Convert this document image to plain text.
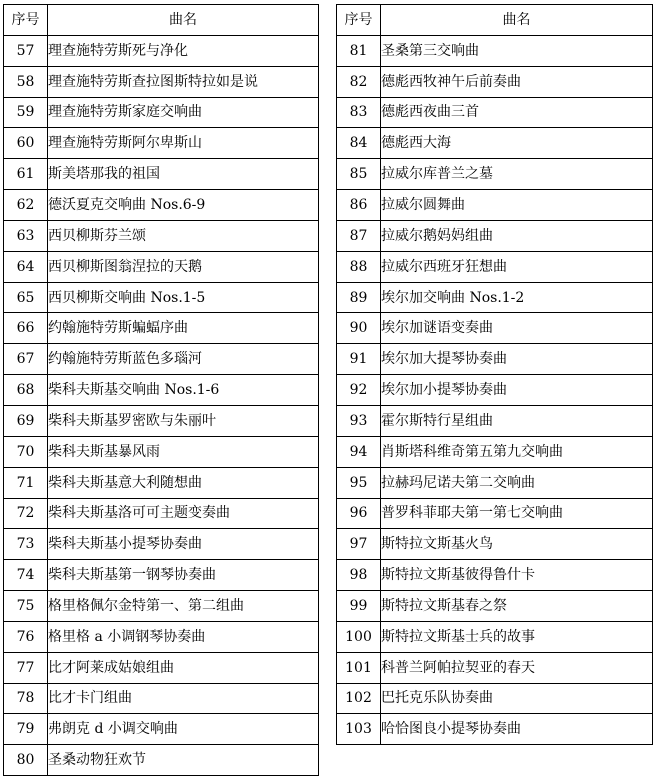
序号	曲名
57	理查施特劳斯死与净化
58	理查施特劳斯查拉图斯特拉如是说
59	理查施特劳斯家庭交响曲
60	理查施特劳斯阿尔卑斯山
61	斯美塔那我的祖国
62	德沃夏克交响曲 Nos.6-9
63	西贝柳斯芬兰颂
64	西贝柳斯图翁涅拉的天鹅
65	西贝柳斯交响曲 Nos.1-5
66	约翰施特劳斯蝙蝠序曲
67	约翰施特劳斯蓝色多瑙河
68	柴科夫斯基交响曲 Nos.1-6
69	柴科夫斯基罗密欧与朱丽叶
70	柴科夫斯基暴风雨
71	柴科夫斯基意大利随想曲
72	柴科夫斯基洛可可主题变奏曲
73	柴科夫斯基小提琴协奏曲
74	柴科夫斯基第一钢琴协奏曲
75	格里格佩尔金特第一、第二组曲
76	格里格 a 小调钢琴协奏曲
77	比才阿莱成姑娘组曲
78	比才卡门组曲
79	弗朗克 d 小调交响曲
80	圣桑动物狂欢节
序号	曲名
81	圣桑第三交响曲
82	德彪西牧神午后前奏曲
83	德彪西夜曲三首
84	德彪西大海
85	拉威尔库普兰之墓
86	拉威尔圆舞曲
87	拉威尔鹅妈妈组曲
88	拉威尔西班牙狂想曲
89	埃尔加交响曲 Nos.1-2
90	埃尔加谜语变奏曲
91	埃尔加大提琴协奏曲
92	埃尔加小提琴协奏曲
93	霍尔斯特行星组曲
94	肖斯塔科维奇第五第九交响曲
95	拉赫玛尼诺夫第二交响曲
96	普罗科菲耶夫第一第七交响曲
97	斯特拉文斯基火鸟
98	斯特拉文斯基彼得鲁什卡
99	斯特拉文斯基春之祭
100	斯特拉文斯基士兵的故事
101	科普兰阿帕拉契亚的春天
102	巴托克乐队协奏曲
103	哈恰图良小提琴协奏曲
